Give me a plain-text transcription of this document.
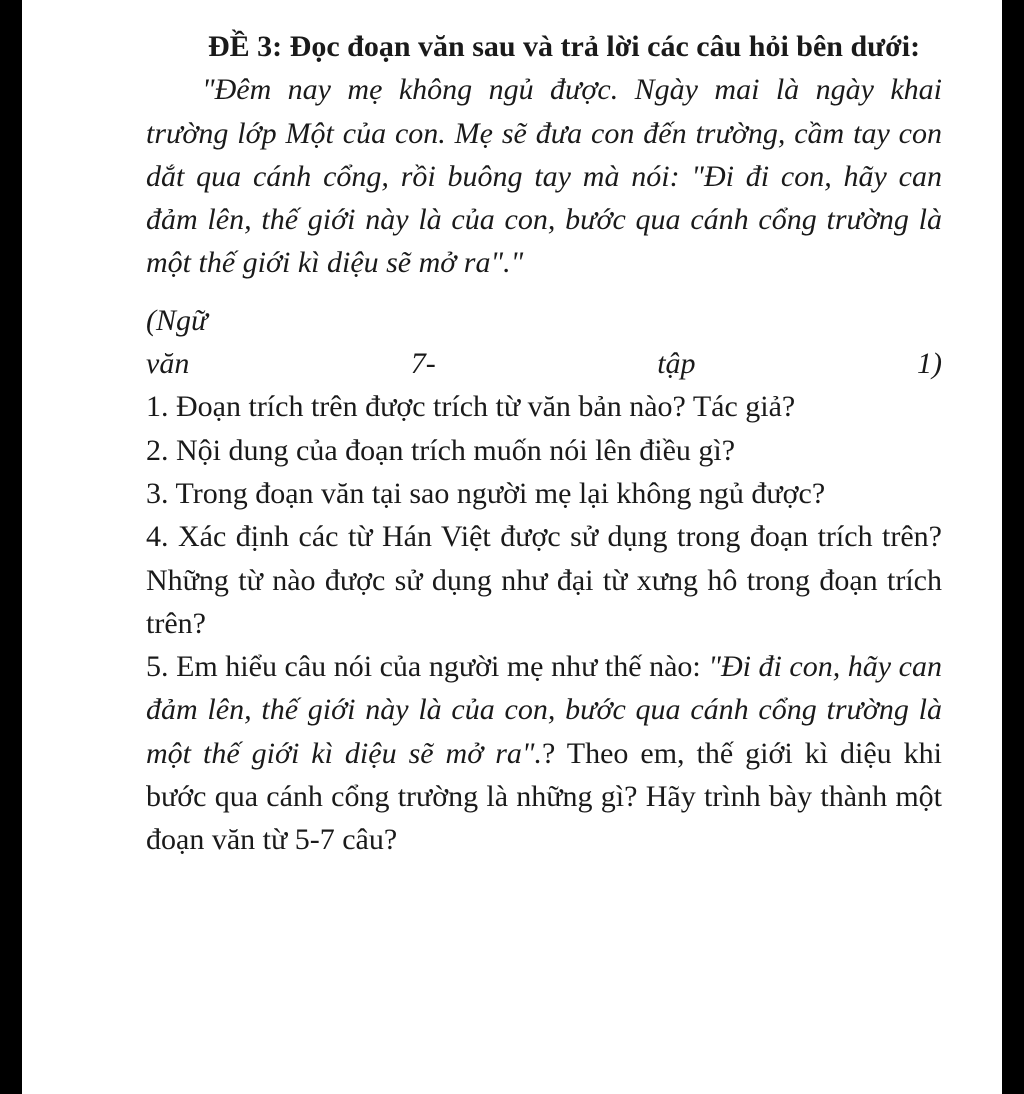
ĐỀ 3: Đọc đoạn văn sau và trả lời các câu hỏi bên dưới:

"Đêm nay mẹ không ngủ được. Ngày mai là ngày khai trường lớp Một của con. Mẹ sẽ đưa con đến trường, cầm tay con dắt qua cánh cổng, rồi buông tay mà nói: "Đi đi con, hãy can đảm lên, thế giới này là của con, bước qua cánh cổng trường là một thế giới kì diệu sẽ mở ra"."

(Ngữ
văn 7- tập 1)

1. Đoạn trích trên được trích từ văn bản nào? Tác giả?

2. Nội dung của đoạn trích muốn nói lên điều gì?

3. Trong đoạn văn tại sao người mẹ lại không ngủ được?

4. Xác định các từ Hán Việt được sử dụng trong đoạn trích trên? Những từ nào được sử dụng như đại từ xưng hô trong đoạn trích trên?

5. Em hiểu câu nói của người mẹ như thế nào: "Đi đi con, hãy can đảm lên, thế giới này là của con, bước qua cánh cổng trường là một thế giới kì diệu sẽ mở ra".? Theo em, thế giới kì diệu khi bước qua cánh cổng trường là những gì? Hãy trình bày thành một đoạn văn từ 5-7 câu?
